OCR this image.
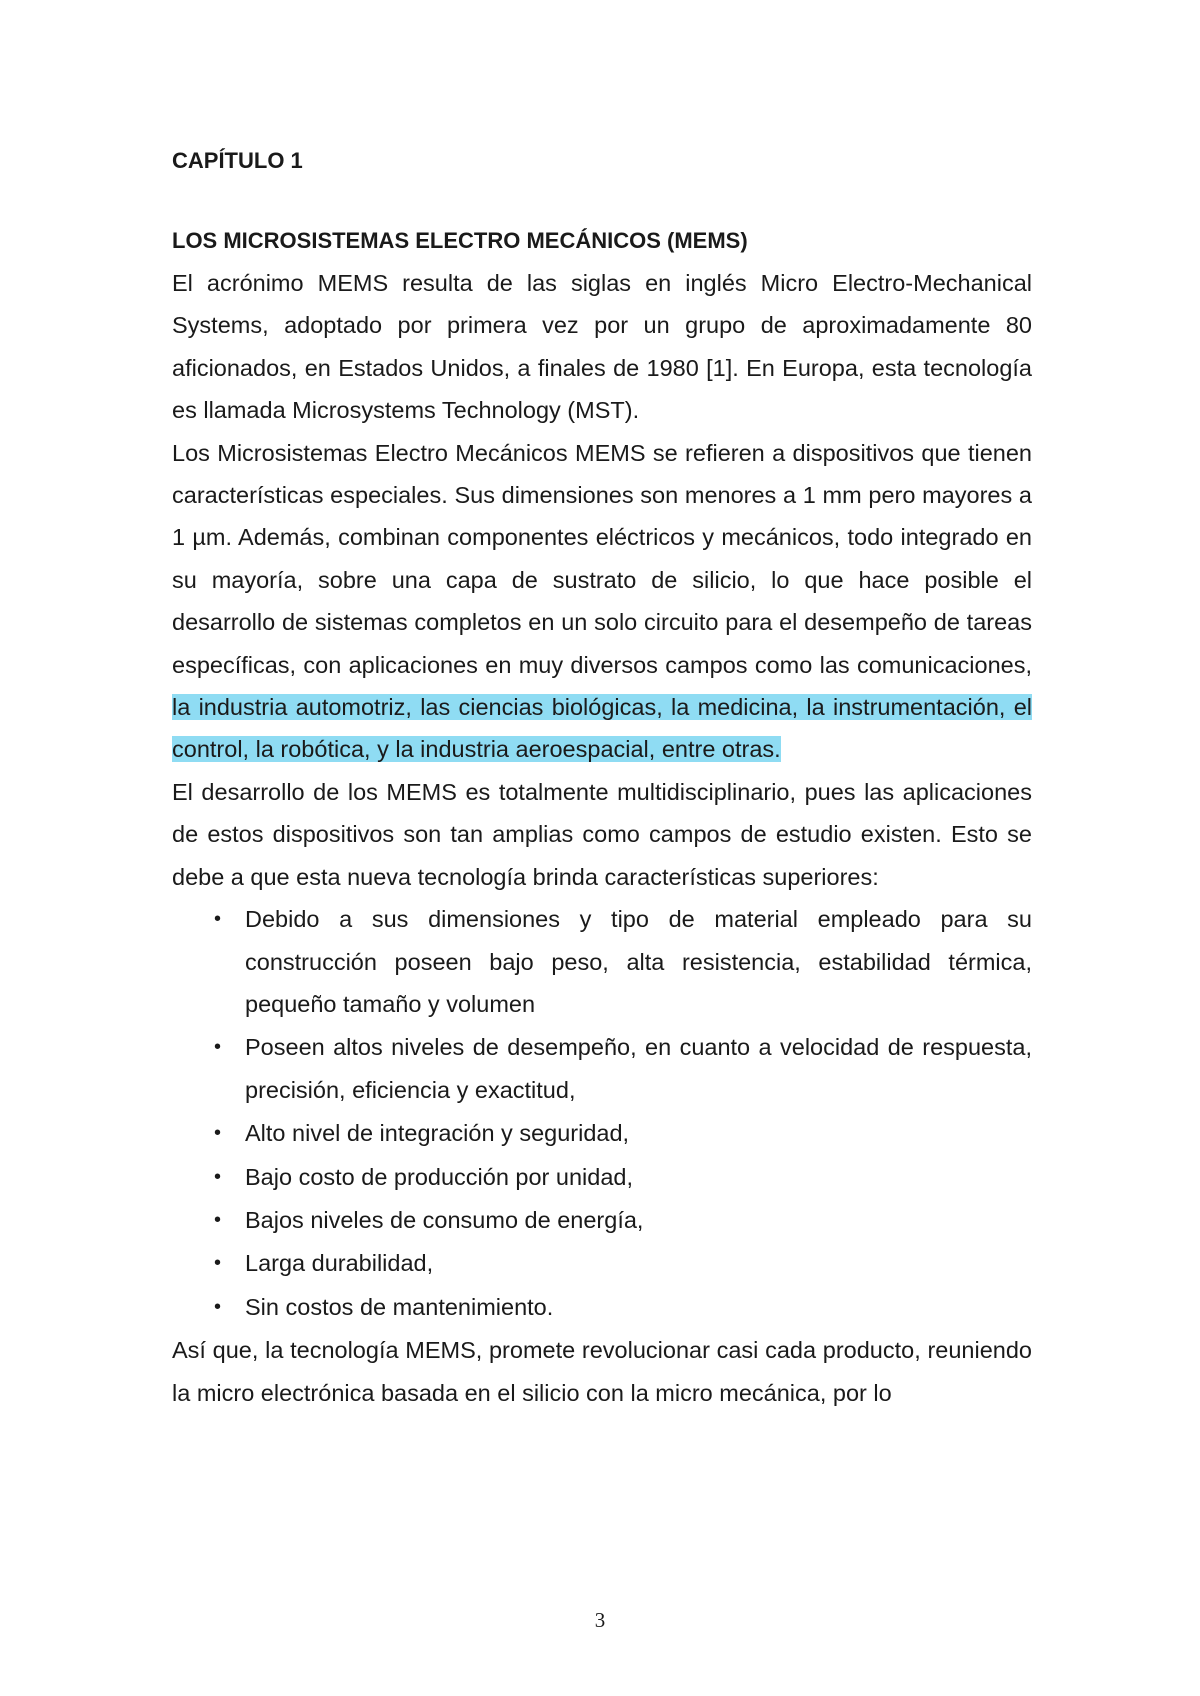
CAPÍTULO 1
LOS MICROSISTEMAS ELECTRO MECÁNICOS (MEMS)

El acrónimo MEMS resulta de las siglas en inglés Micro Electro-Mechanical Systems, adoptado por primera vez por un grupo de aproximadamente 80 aficionados, en Estados Unidos, a finales de 1980 [1]. En Europa, esta tecnología es llamada Microsystems Technology (MST).

Los Microsistemas Electro Mecánicos MEMS se refieren a dispositivos que tienen características especiales. Sus dimensiones son menores a 1 mm pero mayores a 1 µm. Además, combinan componentes eléctricos y mecánicos, todo integrado en su mayoría, sobre una capa de sustrato de silicio, lo que hace posible el desarrollo de sistemas completos en un solo circuito para el desempeño de tareas específicas, con aplicaciones en muy diversos campos como las comunicaciones, la industria automotriz, las ciencias biológicas, la medicina, la instrumentación, el control, la robótica, y la industria aeroespacial, entre otras.

El desarrollo de los MEMS es totalmente multidisciplinario, pues las aplicaciones de estos dispositivos son tan amplias como campos de estudio existen. Esto se debe a que esta nueva tecnología brinda características superiores:

• Debido a sus dimensiones y tipo de material empleado para su construcción poseen bajo peso, alta resistencia, estabilidad térmica, pequeño tamaño y volumen
• Poseen altos niveles de desempeño, en cuanto a velocidad de respuesta, precisión, eficiencia y exactitud,
• Alto nivel de integración y seguridad,
• Bajo costo de producción por unidad,
• Bajos niveles de consumo de energía,
• Larga durabilidad,
• Sin costos de mantenimiento.

Así que, la tecnología MEMS, promete revolucionar casi cada producto, reuniendo la micro electrónica basada en el silicio con la micro mecánica, por lo

3
